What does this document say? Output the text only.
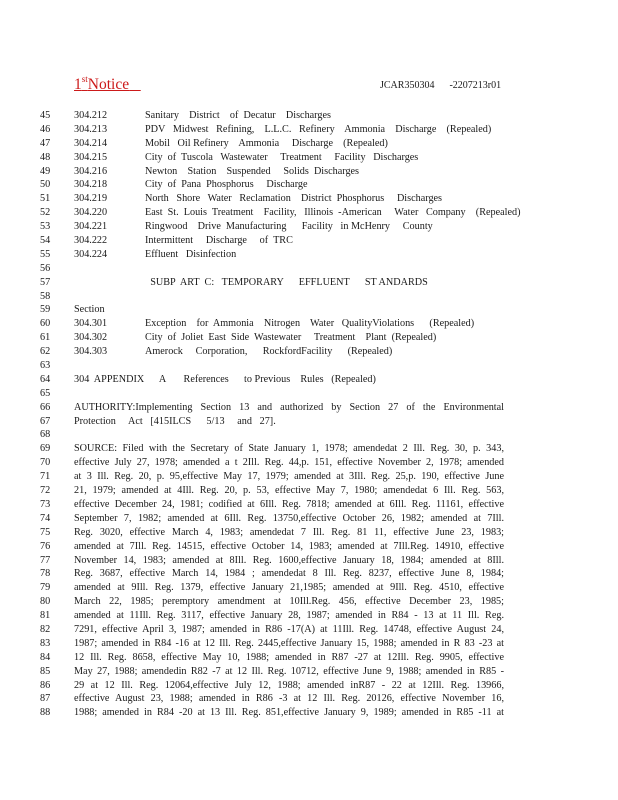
1stNotice	JCAR350304      -2207213r01
45	304.212	Sanitary    District    of  Decatur    Discharges
46	304.213	PDV   Midwest   Refining,    L.L.C.   Refinery    Ammonia    Discharge    (Repealed)
47	304.214	Mobil   Oil Refinery    Ammonia     Discharge    (Repealed)
48	304.215	City  of  Tuscola   Wastewater     Treatment     Facility   Discharges
49	304.216	Newton    Station    Suspended     Solids  Discharges
50	304.218	City  of  Pana  Phosphorus     Discharge
51	304.219	North   Shore   Water   Reclamation    District  Phosphorus     Discharges
52	304.220	East  St.  Louis  Treatment    Facility,   Illinois  -American     Water   Company    (Repealed)
53	304.221	Ringwood    Drive  Manufacturing      Facility   in McHenry     County
54	304.222	Intermittent     Discharge     of  TRC
55	304.224	Effluent   Disinfection
56
57	SUBP  ART  C:   TEMPORARY      EFFLUENT      ST ANDARDS
58
59	Section
60	304.301	Exception    for  Ammonia    Nitrogen    Water   QualityViolations      (Repealed)
61	304.302	City  of  Joliet  East  Side  Wastewater     Treatment    Plant  (Repealed)
62	304.303	Amerock     Corporation,      RockfordFacility      (Repealed)
63
64	304  APPENDIX      A       References      to Previous    Rules   (Repealed)
65
66	AUTHORITY:Implementing Section 13 and authorized by Section 27 of the Environmental
67	Protection     Act   [415ILCS      5/13     and   27].
68
69	SOURCE: Filed with the Secretary of State January 1, 1978; amendedat 2 Ill. Reg. 30, p. 343,
70	effective July 27, 1978; amended a t 2Ill. Reg. 44,p. 151, effective November 2, 1978; amended
71	at 3 Ill. Reg. 20, p. 95,effective May 17, 1979; amended at 3Ill. Reg. 25,p. 190, effective June
72	21, 1979; amended at 4Ill. Reg. 20, p. 53, effective May 7, 1980; amendedat 6 Ill. Reg. 563,
73	effective December 24, 1981; codified at 6Ill. Reg. 7818; amended at 6Ill. Reg. 11161, effective
74	September 7, 1982; amended at 6Ill. Reg. 13750,effective October 26, 1982; amended at 7Ill.
75	Reg. 3020, effective March 4, 1983; amendedat 7 Ill. Reg. 81 11, effective June 23, 1983;
76	amended at 7Ill. Reg. 14515, effective October 14, 1983; amended at 7Ill.Reg. 14910, effective
77	November 14, 1983; amended at 8Ill. Reg. 1600,effective January 18, 1984; amended at 8Ill.
78	Reg. 3687, effective March 14, 1984 ; amendedat 8 Ill. Reg. 8237, effective June 8, 1984;
79	amended at 9Ill. Reg. 1379, effective January 21,1985; amended at 9Ill. Reg. 4510, effective
80	March 22, 1985; peremptory amendment at 10Ill.Reg. 456, effective December 23, 1985;
81	amended at 11Ill. Reg. 3117, effective January 28, 1987; amended in R84 - 13 at 11 Ill. Reg.
82	7291, effective April 3, 1987; amended in R86 -17(A) at 11Ill. Reg. 14748, effective August 24,
83	1987; amended in R84 -16 at 12 Ill. Reg. 2445,effective January 15, 1988; amended in R 83 -23 at
84	12 Ill. Reg. 8658, effective May 10, 1988; amended in R87 -27 at 12Ill. Reg. 9905, effective
85	May 27, 1988; amendedin R82 -7 at 12 Ill. Reg. 10712, effective June 9, 1988; amended in R85 -
86	29 at 12 Ill. Reg. 12064,effective July 12, 1988; amended inR87 - 22 at 12Ill. Reg. 13966,
87	effective August 23, 1988; amended in R86 -3 at 12 Ill. Reg. 20126, effective November 16,
88	1988; amended in R84 -20 at 13 Ill. Reg. 851,effective January 9, 1989; amended in R85 -11 at
